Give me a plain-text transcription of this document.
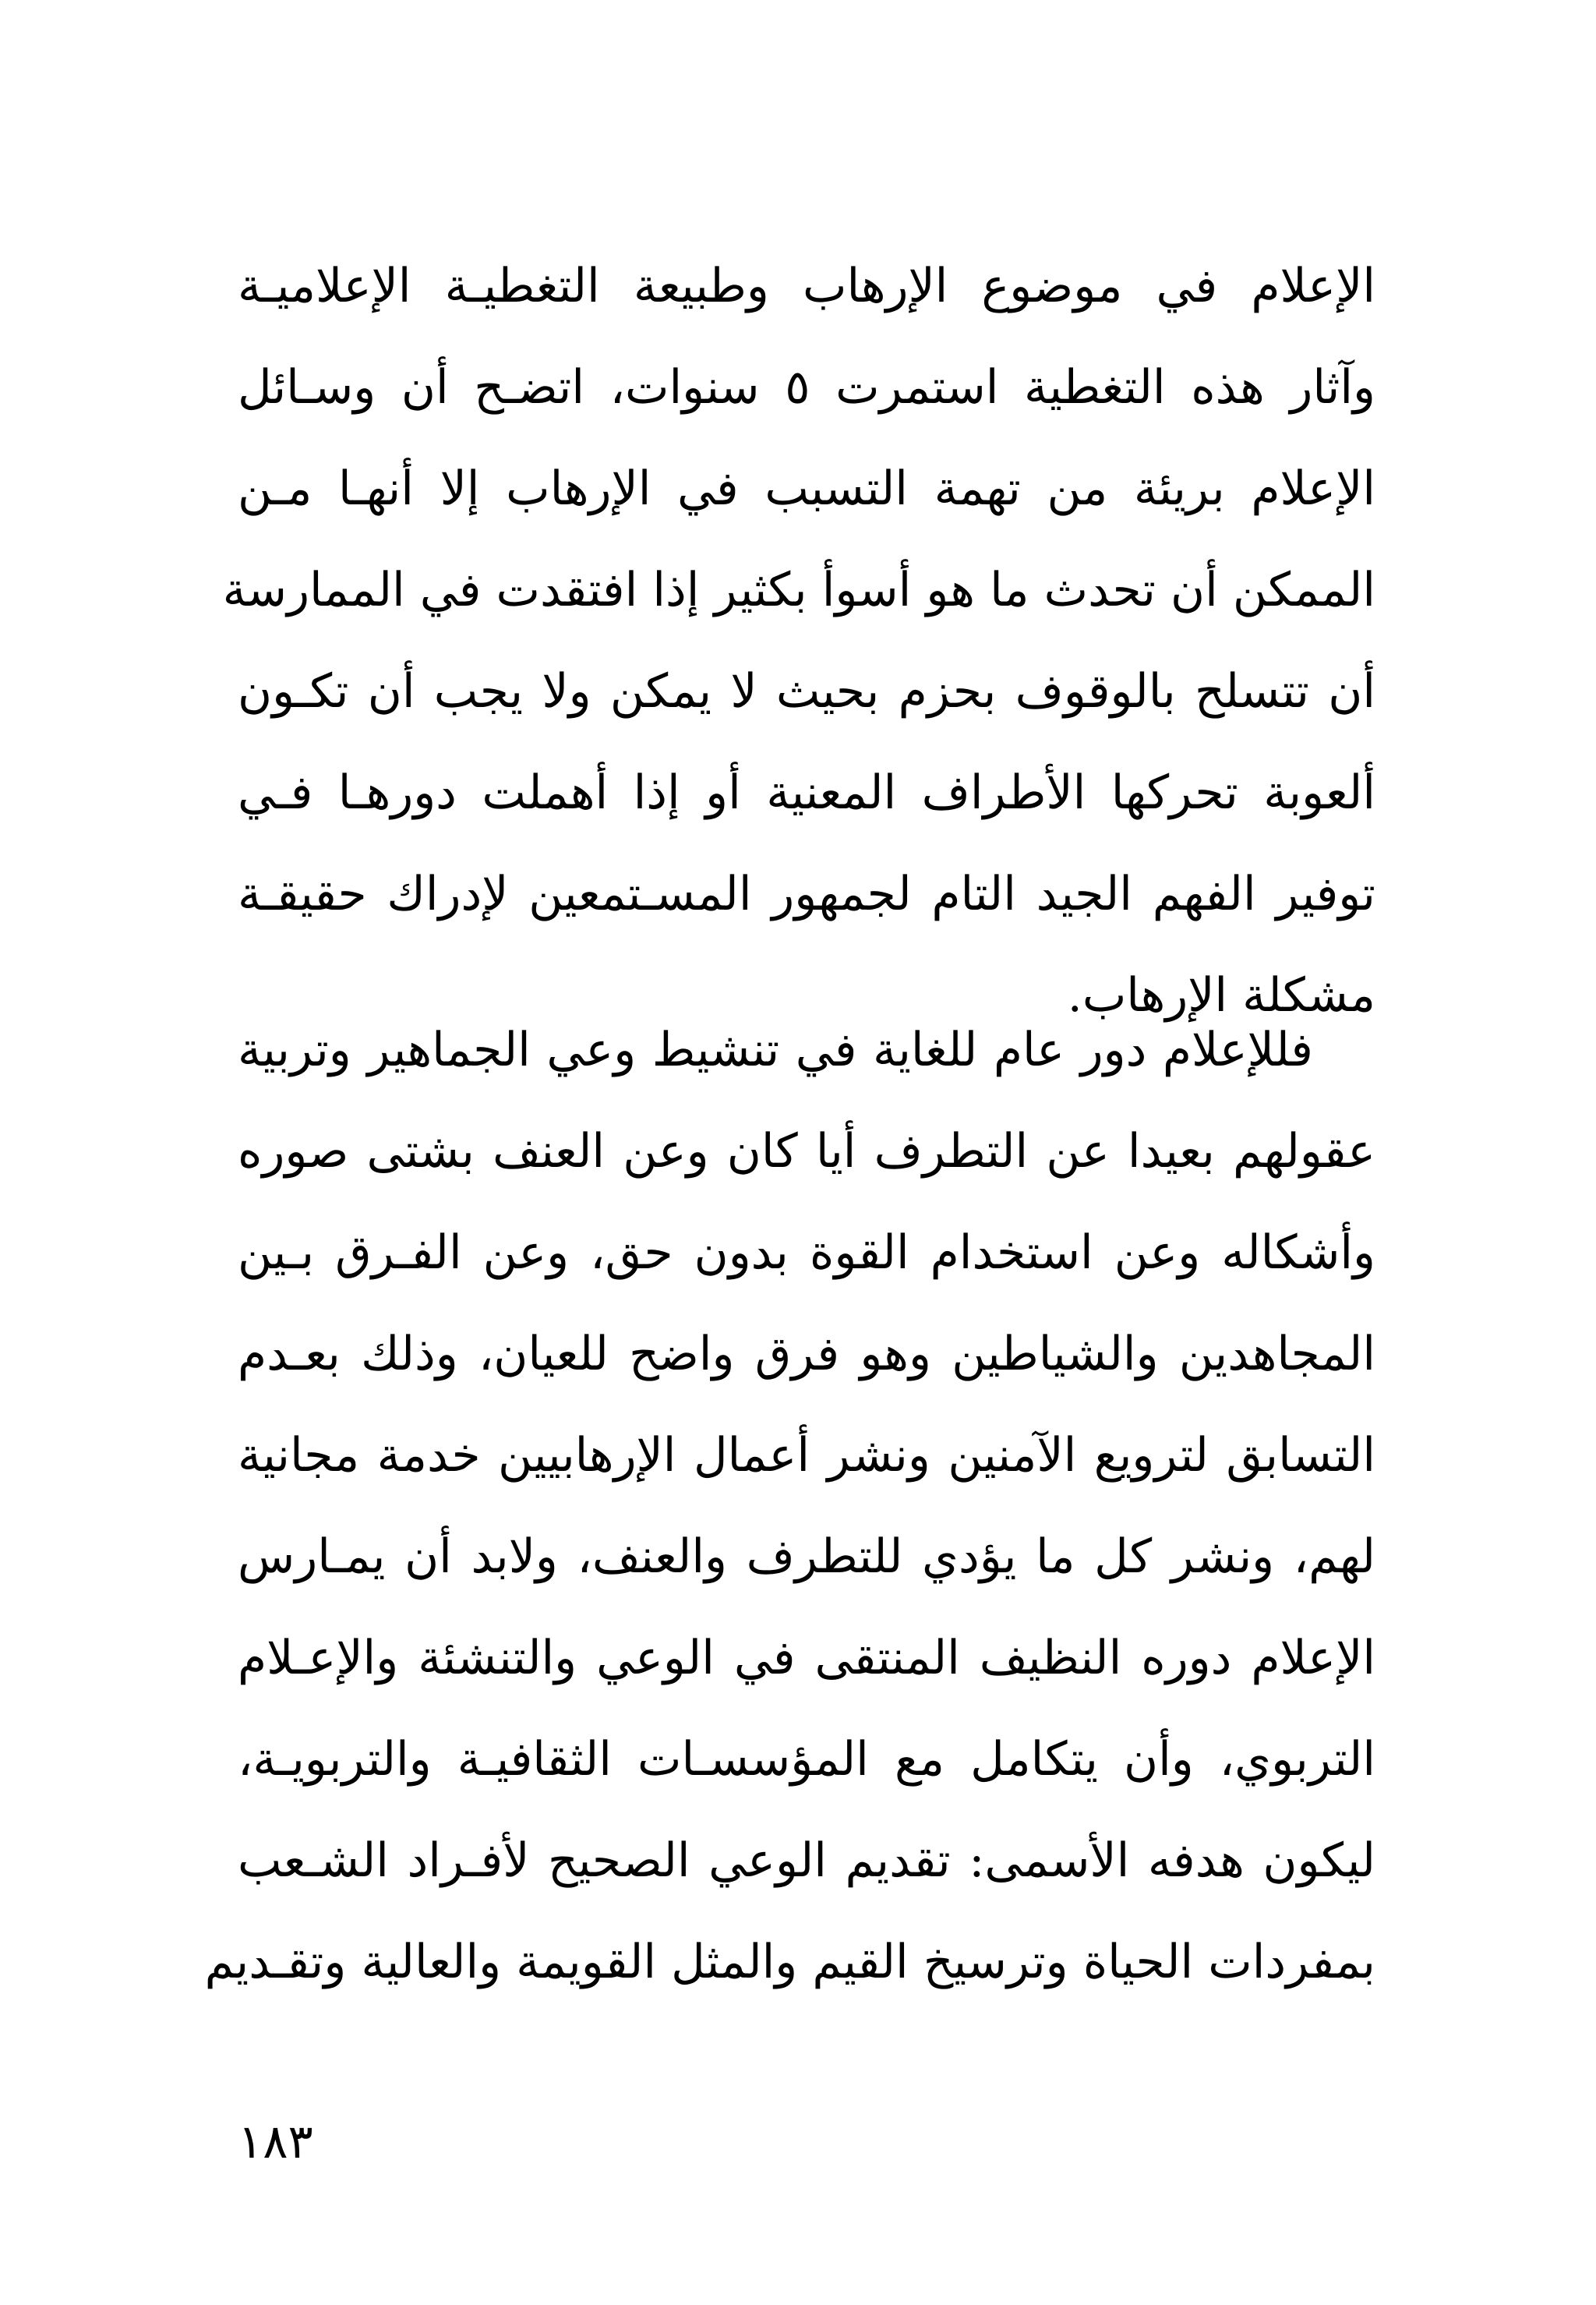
الإعلام في موضوع الإرهاب وطبيعة التغطيـة الإعلاميـة
وآثار هذه التغطية استمرت ٥ سنوات، اتضـح أن وسـائل
الإعلام بريئة من تهمة التسبب في الإرهاب إلا أنهـا مـن
الممكن أن تحدث ما هو أسوأ بكثير إذا افتقدت في الممارسة
أن تتسلح بالوقوف بحزم بحيث لا يمكن ولا يجب أن تكـون
ألعوبة تحركها الأطراف المعنية أو إذا أهملت دورهـا فـي
توفير الفهم الجيد التام لجمهور المسـتمعين لإدراك حقيقـة
مشكلة الإرهاب.
فللإعلام دور عام للغاية في تنشيط وعي الجماهير وتربية
عقولهم بعيدا عن التطرف أيا كان وعن العنف بشتى صوره
وأشكاله وعن استخدام القوة بدون حق، وعن الفـرق بـين
المجاهدين والشياطين وهو فرق واضح للعيان، وذلك بعـدم
التسابق لترويع الآمنين ونشر أعمال الإرهابيين خدمة مجانية
لهم، ونشر كل ما يؤدي للتطرف والعنف، ولابد أن يمـارس
الإعلام دوره النظيف المنتقى في الوعي والتنشئة والإعـلام
التربوي، وأن يتكامل مع المؤسسـات الثقافيـة والتربويـة،
ليكون هدفه الأسمى: تقديم الوعي الصحيح لأفـراد الشـعب
بمفردات الحياة وترسيخ القيم والمثل القويمة والعالية وتقـديم
١٨٣
